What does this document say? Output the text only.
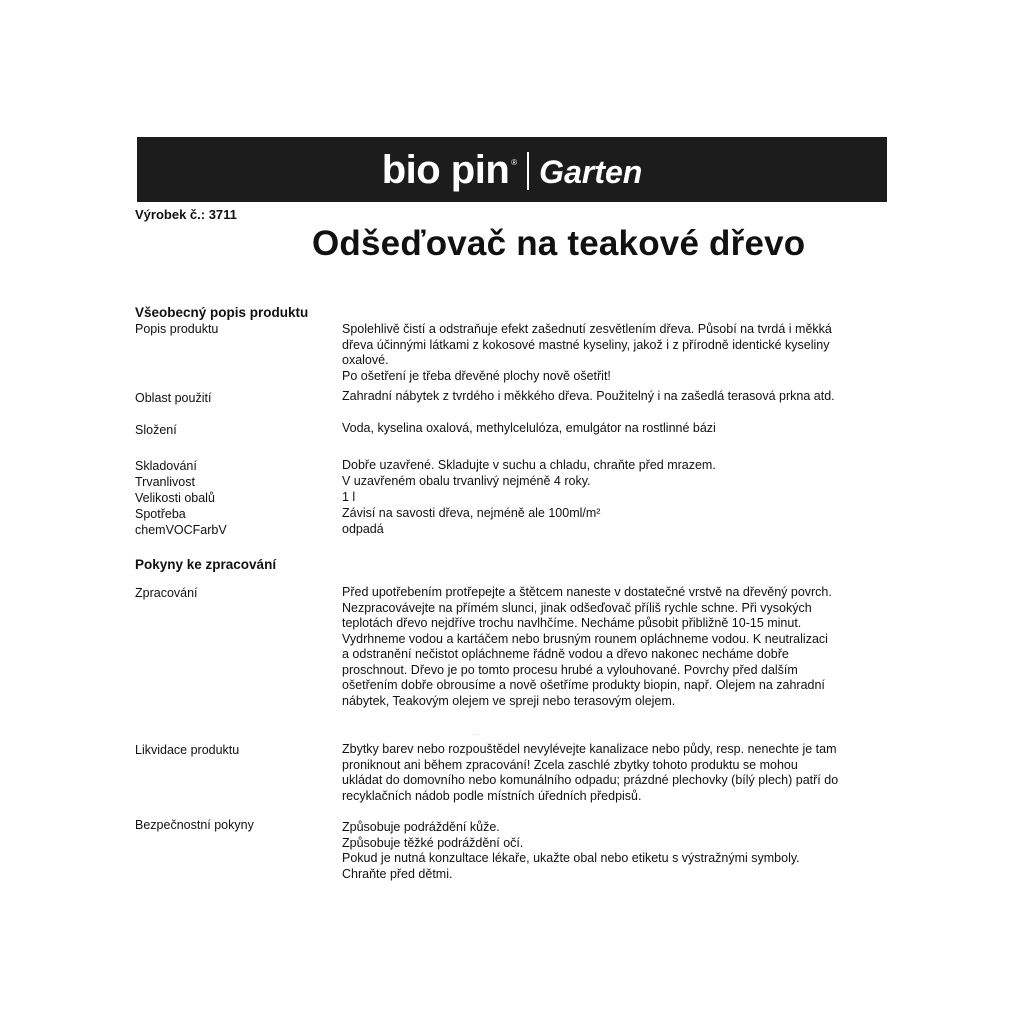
bio pin ® Garten
Výrobek č.: 3711
Odšeďovač na teakové dřevo
Všeobecný popis produktu
Popis produktu	Spolehlivě čistí a odstraňuje efekt zašednutí zesvětlením dřeva. Působí na tvrdá i měkká
dřeva účinnými látkami z kokosové mastné kyseliny, jakož i z přírodně identické kyseliny
oxalové.
Po ošetření je třeba dřevěné plochy nově ošetřit!
Oblast použití	Zahradní nábytek z tvrdého i měkkého dřeva. Použitelný i na zašedlá terasová prkna atd.
Složení	Voda, kyselina oxalová, methylcelulóza, emulgátor na rostlinné bázi
Skladování	Dobře uzavřené. Skladujte v suchu a chladu, chraňte před mrazem.
Trvanlivost	V uzavřeném obalu trvanlivý nejméně 4 roky.
Velikosti obalů	1 l
Spotřeba	Závisí na savosti dřeva, nejméně ale 100ml/m²
chemVOCFarbV	odpadá
Pokyny ke zpracování
Zpracování	Před upotřebením protřepejte a štětcem naneste v dostatečné vrstvě na dřevěný povrch.
Nezpracovávejte na přímém slunci, jinak odšeďovač příliš rychle schne. Při vysokých
teplotách dřevo nejdříve trochu navlhčíme. Necháme působit přibližně 10-15 minut.
Vydrhneme vodou a kartáčem nebo brusným rounem opláchneme vodou. K neutralizaci
a odstranění nečistot opláchneme řádně vodou a dřevo nakonec necháme dobře
proschnout. Dřevo je po tomto procesu hrubé a vylouhované. Povrchy před dalším
ošetřením dobře obrousíme a nově ošetříme produkty biopin, např. Olejem na zahradní
nábytek, Teakovým olejem ve spreji nebo terasovým olejem.
· ·
Likvidace produktu	Zbytky barev nebo rozpouštědel nevylévejte kanalizace nebo půdy, resp. nenechte je tam
proniknout ani během zpracování! Zcela zaschlé zbytky tohoto produktu se mohou
ukládat do domovního nebo komunálního odpadu; prázdné plechovky (bílý plech) patří do
recyklačních nádob podle místních úředních předpisů.
Bezpečnostní pokyny	Způsobuje podráždění kůže.
Způsobuje těžké podráždění očí.
Pokud je nutná konzultace lékaře, ukažte obal nebo etiketu s výstražnými symboly.
Chraňte před dětmi.
